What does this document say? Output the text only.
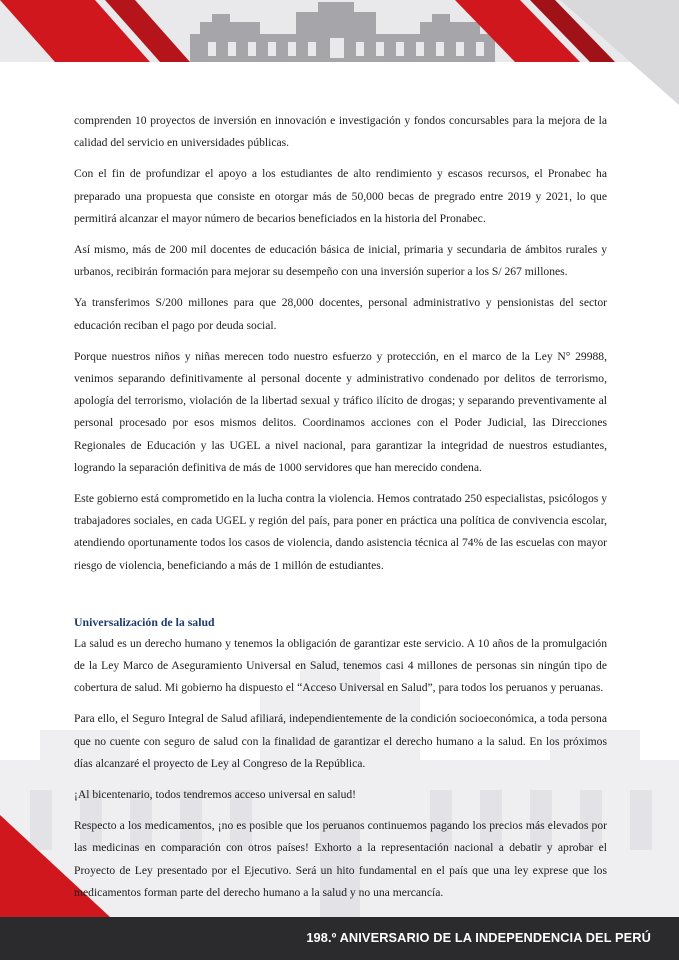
comprenden 10 proyectos de inversión en innovación e investigación y fondos concursables para la mejora de la calidad del servicio en universidades públicas.

Con el fin de profundizar el apoyo a los estudiantes de alto rendimiento y escasos recursos, el Pronabec ha preparado una propuesta que consiste en otorgar más de 50,000 becas de pregrado entre 2019 y 2021, lo que permitirá alcanzar el mayor número de becarios beneficiados en la historia del Pronabec.

Así mismo, más de 200 mil docentes de educación básica de inicial, primaria y secundaria de ámbitos rurales y urbanos, recibirán formación para mejorar su desempeño con una inversión superior a los S/ 267 millones.

Ya transferimos S/200 millones para que 28,000 docentes, personal administrativo y pensionistas del sector educación reciban el pago por deuda social.

Porque nuestros niños y niñas merecen todo nuestro esfuerzo y protección, en el marco de la Ley N° 29988, venimos separando definitivamente al personal docente y administrativo condenado por delitos de terrorismo, apología del terrorismo, violación de la libertad sexual y tráfico ilícito de drogas; y separando preventivamente al personal procesado por esos mismos delitos. Coordinamos acciones con el Poder Judicial, las Direcciones Regionales de Educación y las UGEL a nivel nacional, para garantizar la integridad de nuestros estudiantes, logrando la separación definitiva de más de 1000 servidores que han merecido condena.

Este gobierno está comprometido en la lucha contra la violencia. Hemos contratado 250 especialistas, psicólogos y trabajadores sociales, en cada UGEL y región del país, para poner en práctica una política de convivencia escolar, atendiendo oportunamente todos los casos de violencia, dando asistencia técnica al 74% de las escuelas con mayor riesgo de violencia, beneficiando a más de 1 millón de estudiantes.

Universalización de la salud

La salud es un derecho humano y tenemos la obligación de garantizar este servicio. A 10 años de la promulgación de la Ley Marco de Aseguramiento Universal en Salud, tenemos casi 4 millones de personas sin ningún tipo de cobertura de salud. Mi gobierno ha dispuesto el “Acceso Universal en Salud”, para todos los peruanos y peruanas.

Para ello, el Seguro Integral de Salud afiliará, independientemente de la condición socioeconómica, a toda persona que no cuente con seguro de salud con la finalidad de garantizar el derecho humano a la salud. En los próximos días alcanzaré el proyecto de Ley al Congreso de la República.

¡Al bicentenario, todos tendremos acceso universal en salud!

Respecto a los medicamentos, ¡no es posible que los peruanos continuemos pagando los precios más elevados por las medicinas en comparación con otros países! Exhorto a la representación nacional a debatir y aprobar el Proyecto de Ley presentado por el Ejecutivo. Será un hito fundamental en el país que una ley exprese que los medicamentos forman parte del derecho humano a la salud y no una mercancía.

198.º ANIVERSARIO DE LA INDEPENDENCIA DEL PERÚ
